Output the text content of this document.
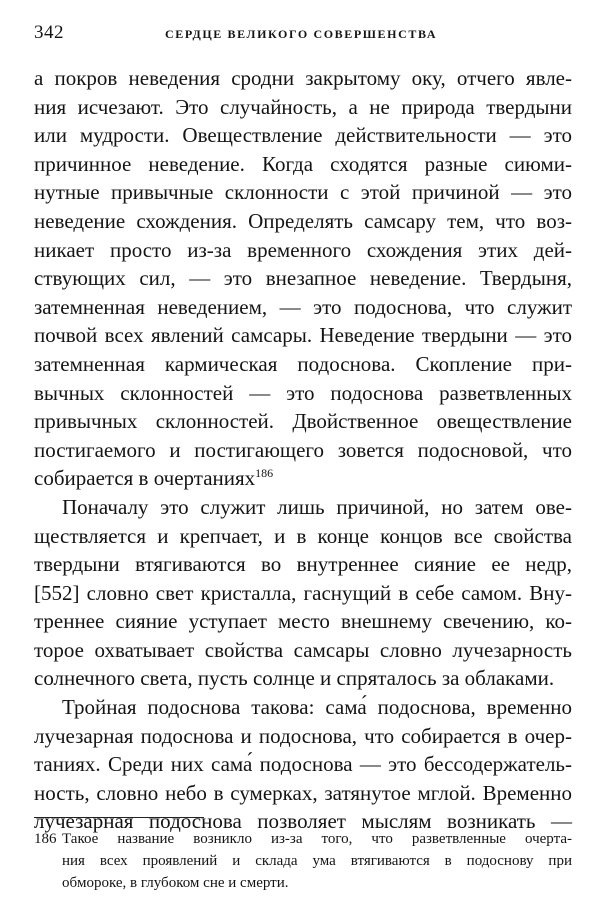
342	СЕРДЦЕ ВЕЛИКОГО СОВЕРШЕНСТВА

а покров неведения сродни закрытому оку, отчего явле-

ния исчезают. Это случайность, а не природа твердыни

или мудрости. Овеществление действительности — это

причинное неведение. Когда сходятся разные сиюми-

нутные привычные склонности с этой причиной — это

неведение схождения. Определять самсару тем, что воз-

никает просто из-за временного схождения этих дей-

ствующих сил, — это внезапное неведение. Твердыня,

затемненная неведением, — это подоснова, что служит

почвой всех явлений самсары. Неведение твердыни — это

затемненная кармическая подоснова. Скопление при-

вычных склонностей — это подоснова разветвленных

привычных склонностей. Двойственное овеществление

постигаемого и постигающего зовется подосновой, что

собирается в очертаниях$^{186}$

Поначалу это служит лишь причиной, но затем ове-

ществляется и крепчает, и в конце концов все свойства

твердыни втягиваются во внутреннее сияние ее недр,

[552] словно свет кристалла, гаснущий в себе самом. Вну-

треннее сияние уступает место внешнему свечению, ко-

торое охватывает свойства самсары словно лучезарность

солнечного света, пусть солнце и спряталось за облаками.

Тройная подоснова такова: сама́ подоснова, временно

лучезарная подоснова и подоснова, что собирается в очер-

таниях. Среди них сама́ подоснова — это бессодержатель-

ность, словно небо в сумерках, затянутое мглой. Временно

лучезарная подоснова позволяет мыслям возникать —

186 Такое название возникло из-за того, что разветвленные очерта-

ния всех проявлений и склада ума втягиваются в подоснову при

обмороке, в глубоком сне и смерти.
